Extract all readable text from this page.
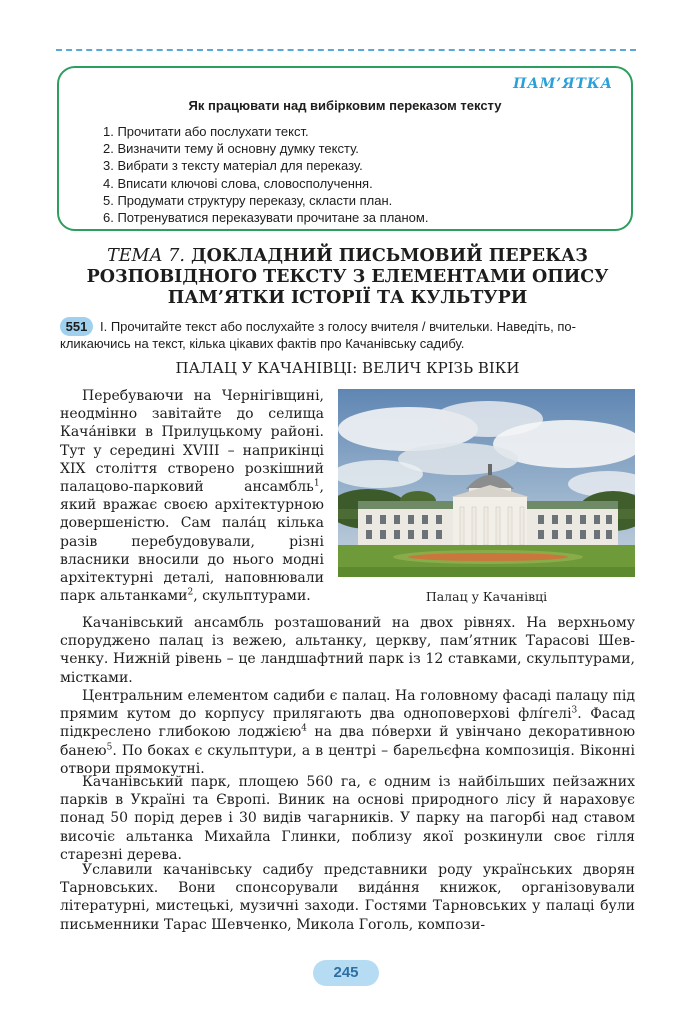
ПАМ’ЯТКА
Як працювати над вибірковим переказом тексту
1. Прочитати або послухати текст.
2. Визначити тему й основну думку тексту.
3. Вибрати з тексту матеріал для переказу.
4. Вписати ключові слова, словосполучення.
5. Продумати структуру переказу, скласти план.
6. Потренуватися переказувати прочитане за планом.
ТЕМА 7. ДОКЛАДНИЙ ПИСЬМОВИЙ ПЕРЕКАЗ
РОЗПОВІДНОГО ТЕКСТУ З ЕЛЕМЕНТАМИ ОПИСУ
ПАМ’ЯТКИ ІСТОРІЇ ТА КУЛЬТУРИ
551 І. Прочитайте текст або послухайте з голосу вчителя / вчительки. Наведіть, по-
кликаючись на текст, кілька цікавих фактів про Качанівську садибу.
ПАЛАЦ У КАЧАНІВЦІ: ВЕЛИЧ КРІЗЬ ВІКИ
Перебуваючи на Чернігівщині, неодмінно завітайте до селища Кача́нівки в Прилуцькому районі. Тут у середині XVIII – наприкінці XIX століття створено розкішний палацово-парковий ансамбль$^1$, який вражає своєю архітектурною довершеністю. Сам пала́ц кілька разів перебудовували, різні власники вносили до нього модні архітектурні деталі, наповнювали парк альтанками$^2$, скульптурами.	Палац у Качанівці
Качанівський ансамбль розташований на двох рівнях. На верхньому споруджено палац із вежею, альтанку, церкву, пам’ятник Тарасові Шевченку. Нижній рівень – це ландшафтний парк із 12 ставками, скульптурами, містками.
Центральним елементом садиби є палац. На головному фасаді палацу під прямим кутом до корпусу прилягають два одноповерхові флі́гелі$^3$. Фасад підкреслено глибокою лоджією$^4$ на два по́верхи й увінчано декоративною банею$^5$. По боках є скульптури, а в центрі – барельєфна композиція. Віконні отвори прямокутні.
Качанівський парк, площею 560 га, є одним із найбільших пейзажних парків в Україні та Європі. Виник на основі природного лісу й нараховує понад 50 порід дерев і 30 видів чагарників. У парку на пагорбі над ставом височіє альтанка Михайла Глинки, поблизу якої розкинули своє гілля старезні дерева.
Уславили качанівську садибу представники роду українських дворян Тарновських. Вони спонсорували вида́ння книжок, організовували літературні, мистецькі, музичні заходи. Гостями Тарновських у палаці були письменники Тарас Шевченко, Микола Гоголь, компози-
245
